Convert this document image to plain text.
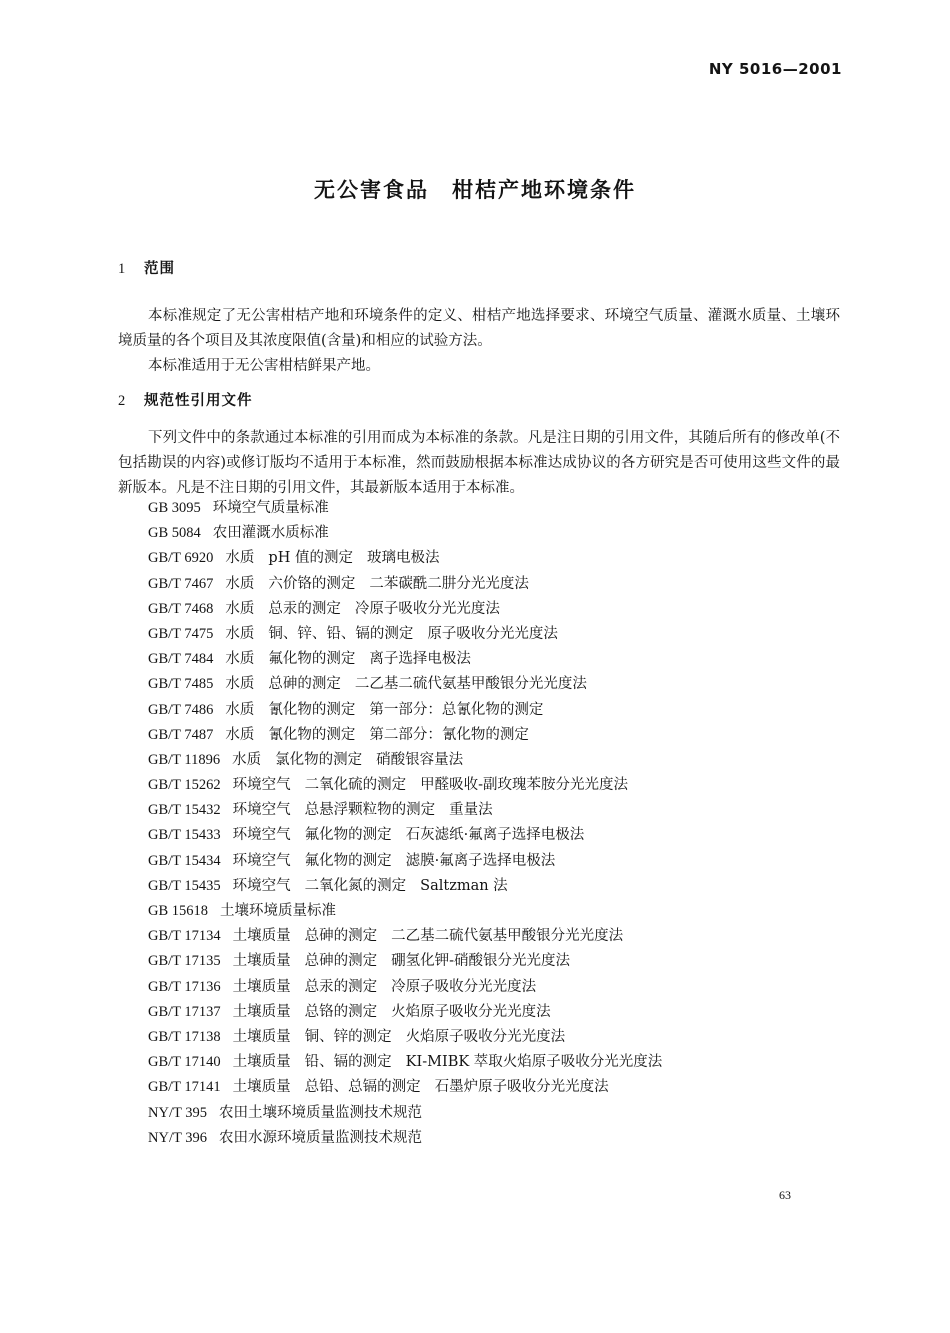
NY 5016—2001
无公害食品　柑桔产地环境条件
1 范围

本标准规定了无公害柑桔产地和环境条件的定义、柑桔产地选择要求、环境空气质量、灌溉水质量、土壤环境质量的各个项目及其浓度限值(含量)和相应的试验方法。

本标准适用于无公害柑桔鲜果产地。

2 规范性引用文件

下列文件中的条款通过本标准的引用而成为本标准的条款。凡是注日期的引用文件，其随后所有的修改单(不包括勘误的内容)或修订版均不适用于本标准，然而鼓励根据本标准达成协议的各方研究是否可使用这些文件的最新版本。凡是不注日期的引用文件，其最新版本适用于本标准。

GB 3095 环境空气质量标准
GB 5084 农田灌溉水质标准
GB/T 6920 水质 pH 值的测定 玻璃电极法
GB/T 7467 水质 六价铬的测定 二苯碳酰二肼分光光度法
GB/T 7468 水质 总汞的测定 冷原子吸收分光光度法
GB/T 7475 水质 铜、锌、铅、镉的测定 原子吸收分光光度法
GB/T 7484 水质 氟化物的测定 离子选择电极法
GB/T 7485 水质 总砷的测定 二乙基二硫代氨基甲酸银分光光度法
GB/T 7486 水质 氰化物的测定 第一部分：总氰化物的测定
GB/T 7487 水质 氰化物的测定 第二部分：氰化物的测定
GB/T 11896 水质 氯化物的测定 硝酸银容量法
GB/T 15262 环境空气 二氧化硫的测定 甲醛吸收-副玫瑰苯胺分光光度法
GB/T 15432 环境空气 总悬浮颗粒物的测定 重量法
GB/T 15433 环境空气 氟化物的测定 石灰滤纸·氟离子选择电极法
GB/T 15434 环境空气 氟化物的测定 滤膜·氟离子选择电极法
GB/T 15435 环境空气 二氧化氮的测定 Saltzman 法
GB 15618 土壤环境质量标准
GB/T 17134 土壤质量 总砷的测定 二乙基二硫代氨基甲酸银分光光度法
GB/T 17135 土壤质量 总砷的测定 硼氢化钾-硝酸银分光光度法
GB/T 17136 土壤质量 总汞的测定 冷原子吸收分光光度法
GB/T 17137 土壤质量 总铬的测定 火焰原子吸收分光光度法
GB/T 17138 土壤质量 铜、锌的测定 火焰原子吸收分光光度法
GB/T 17140 土壤质量 铅、镉的测定 KI-MIBK 萃取火焰原子吸收分光光度法
GB/T 17141 土壤质量 总铅、总镉的测定 石墨炉原子吸收分光光度法
NY/T 395 农田土壤环境质量监测技术规范
NY/T 396 农田水源环境质量监测技术规范
63
